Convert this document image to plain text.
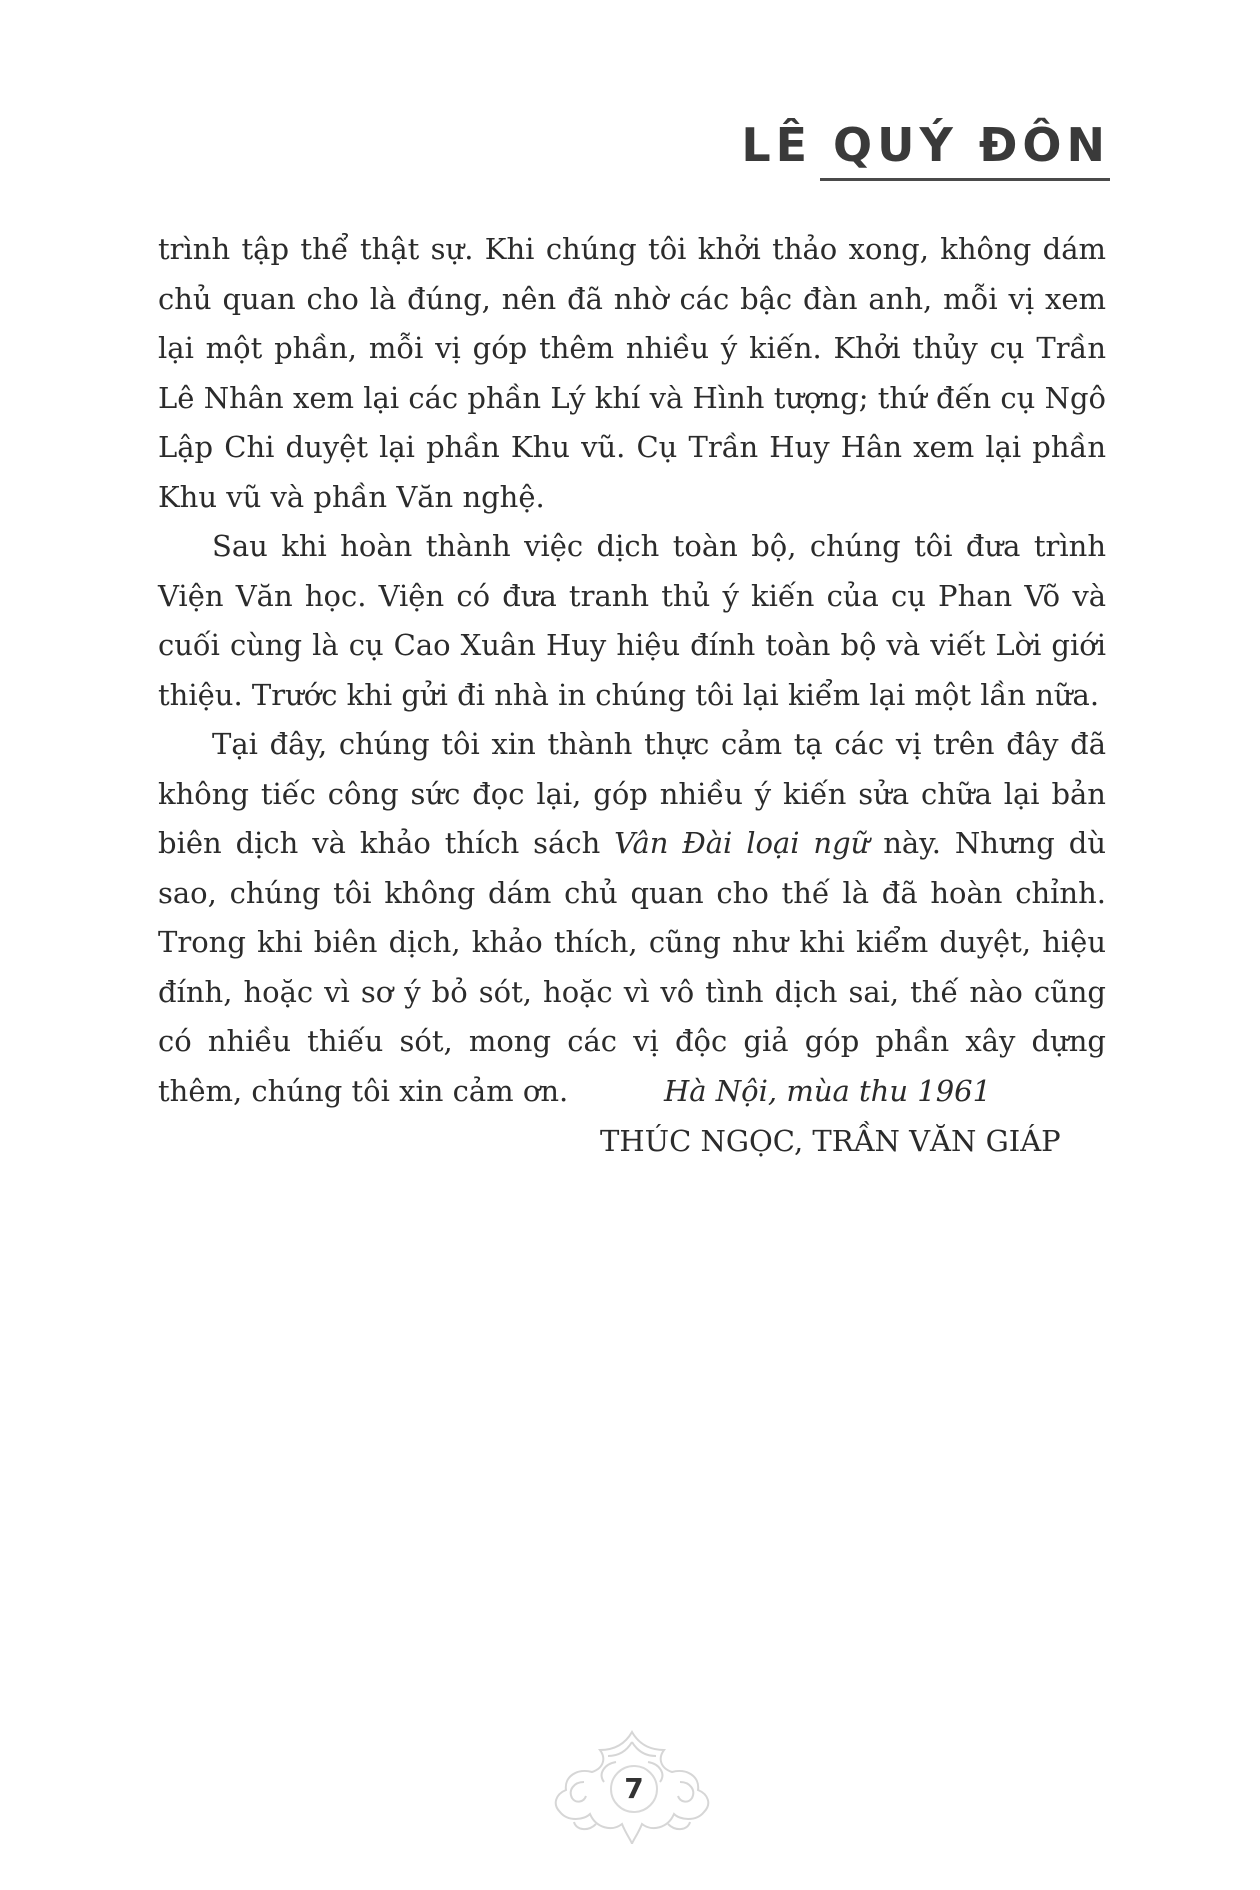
LÊ QUÝ ĐÔN

trình tập thể thật sự. Khi chúng tôi khởi thảo xong, không dám chủ quan cho là đúng, nên đã nhờ các bậc đàn anh, mỗi vị xem lại một phần, mỗi vị góp thêm nhiều ý kiến. Khởi thủy cụ Trần Lê Nhân xem lại các phần Lý khí và Hình tượng; thứ đến cụ Ngô Lập Chi duyệt lại phần Khu vũ. Cụ Trần Huy Hân xem lại phần Khu vũ và phần Văn nghệ.

Sau khi hoàn thành việc dịch toàn bộ, chúng tôi đưa trình Viện Văn học. Viện có đưa tranh thủ ý kiến của cụ Phan Võ và cuối cùng là cụ Cao Xuân Huy hiệu đính toàn bộ và viết Lời giới thiệu. Trước khi gửi đi nhà in chúng tôi lại kiểm lại một lần nữa.

Tại đây, chúng tôi xin thành thực cảm tạ các vị trên đây đã không tiếc công sức đọc lại, góp nhiều ý kiến sửa chữa lại bản biên dịch và khảo thích sách Vân Đài loại ngữ này. Nhưng dù sao, chúng tôi không dám chủ quan cho thế là đã hoàn chỉnh. Trong khi biên dịch, khảo thích, cũng như khi kiểm duyệt, hiệu đính, hoặc vì sơ ý bỏ sót, hoặc vì vô tình dịch sai, thế nào cũng có nhiều thiếu sót, mong các vị độc giả góp phần xây dựng thêm, chúng tôi xin cảm ơn.	Hà Nội, mùa thu 1961
THÚC NGỌC, TRẦN VĂN GIÁP
7
